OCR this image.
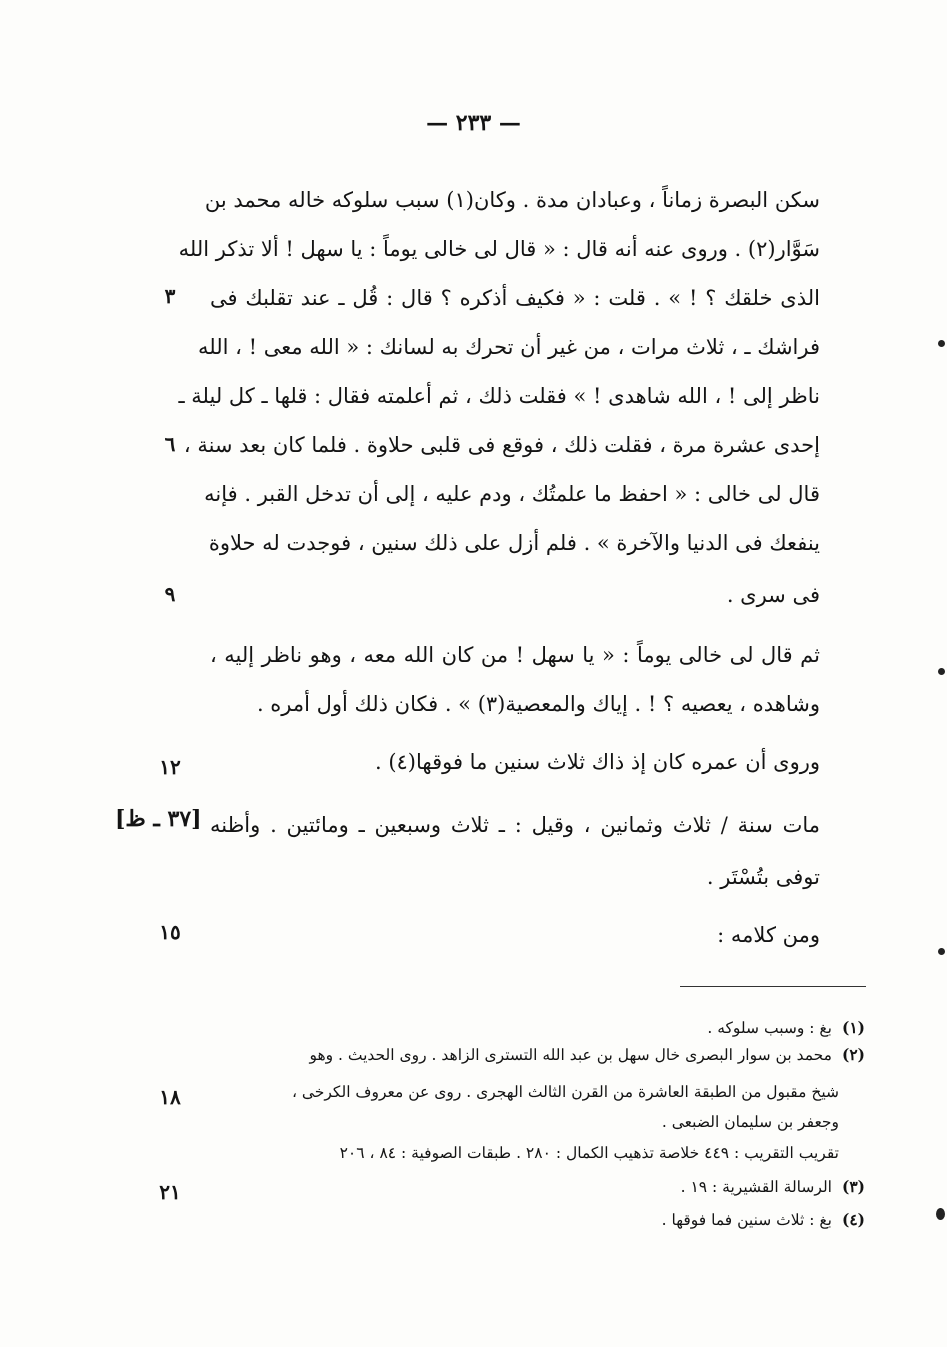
— ٢٣٣ —
سكن البصرة زماناً ، وعبادان مدة . وكان(١) سبب سلوكه خاله محمد بن
سَوَّار(٢) . وروى عنه أنه قال : « قال لى خالى يوماً : يا سهل ! ألا تذكر الله
الذى خلقك ؟ ! » . قلت : « فكيف أذكره ؟ قال : قُل ـ عند تقلبك فى
فراشك ـ ، ثلاث مرات ، من غير أن تحرك به لسانك : « الله معى ! ، الله
ناظر إلى ! ، الله شاهدى ! » فقلت ذلك ، ثم أعلمته فقال : قلها ـ كل ليلة ـ
إحدى عشرة مرة ، فقلت ذلك ، فوقع فى قلبى حلاوة . فلما كان بعد سنة ،
قال لى خالى : « احفظ ما علمتُك ، ودم عليه ، إلى أن تدخل القبر . فإنه
ينفعك فى الدنيا والآخرة » . فلم أزل على ذلك سنين ، فوجدت له حلاوة
فى سرى .
ثم قال لى خالى يوماً : « يا سهل ! من كان الله معه ، وهو ناظر إليه ،
وشاهده ، يعصيه ؟ ! . إياك والمعصية(٣) » . فكان ذلك أول أمره .
وروى أن عمره كان إذ ذاك ثلاث سنين ما فوقها(٤) .
مات سنة / ثلاث وثمانين ، وقيل : ـ ثلاث وسبعين ـ ومائتين . وأظنه
توفى بتُسْتَر .
ومن كلامه :
٣
٦
٩
١٢
١٥
١٨
٢١
[٣٧ ـ ظ]
(١)بغ : وسبب سلوكه .
(٢)محمد بن سوار البصرى خال سهل بن عبد الله التسترى الزاهد . روى الحديث . وهو
شيخ مقبول من الطبقة العاشرة من القرن الثالث الهجرى . روى عن معروف الكرخى ،
وجعفر بن سليمان الضبعى .
تقريب التقريب : ٤٤٩ خلاصة تذهيب الكمال : ٢٨٠ . طبقات الصوفية : ٨٤ ، ٢٠٦
(٣)الرسالة القشيرية : ١٩ .
(٤)بغ : ثلاث سنين فما فوقها .
